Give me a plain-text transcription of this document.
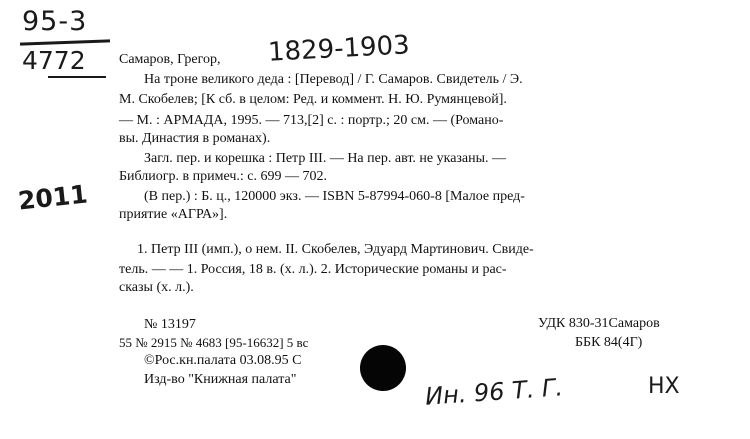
95-3
4772	1829-1903
2011
Самаров, Грегор,
На троне великого деда : [Перевод] / Г. Самаров. Свидетель / Э.
М. Скобелев; [К сб. в целом: Ред. и коммент. Н. Ю. Румянцевой].
— М. : АРМАДА, 1995. — 713,[2] с. : портр.; 20 см. — (Романо-
вы. Династия в романах).
Загл. пер. и корешка : Петр III. — На пер. авт. не указаны. —
Библиогр. в примеч.: с. 699 — 702.
(В пер.) : Б. ц., 120000 экз. — ISBN 5-87994-060-8 [Малое пред-
приятие «АГРА»].
1. Петр III (имп.), о нем. II. Скобелев, Эдуард Мартинович. Свиде-
тель. — — 1. Россия, 18 в. (х. л.). 2. Исторические романы и рас-
сказы (х. л.).
№ 13197
55 № 2915 № 4683 [95-16632] 5 вс
©Рос.кн.палата 03.08.95 С
Изд-во "Книжная палата"
УДК 830-31Самаров
ББК 84(4Г)
Ин. 96 Т. Г.	НХ
